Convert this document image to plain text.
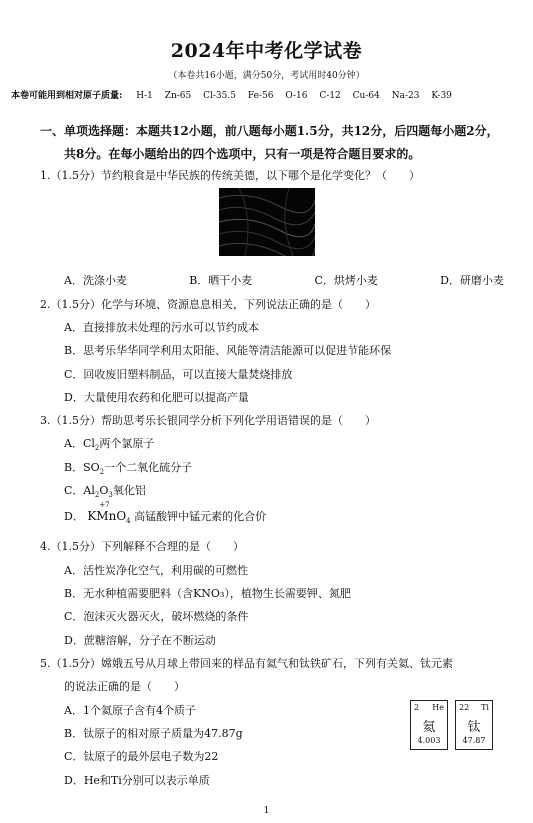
2024年中考化学试卷
（本卷共16小题，满分50分，考试用时40分钟）
本卷可能用到相对原子质量: H-1 Zn-65 Cl-35.5 Fe-56 O-16 C-12 Cu-64 Na-23 K-39
一、单项选择题：本题共12小题，前八题每小题1.5分，共12分，后四题每小题2分，
共8分。在每小题给出的四个选项中，只有一项是符合题目要求的。
1.（1.5分）节约粮食是中华民族的传统美德，以下哪个是化学变化？（　　）
A．洗涤小麦	B．晒干小麦	C．烘烤小麦	D．研磨小麦
2.（1.5分）化学与环境、资源息息相关，下列说法正确的是（　　）
A．直接排放未处理的污水可以节约成本
B．思考乐华华同学利用太阳能、风能等清洁能源可以促进节能环保
C．回收废旧塑料制品，可以直接大量焚烧排放
D．大量使用农药和化肥可以提高产量
3.（1.5分）帮助思考乐长银同学分析下列化学用语错误的是（　　）
A．$Cl_2$两个氯原子
B．$SO_2$一个二氧化硫分子
C．$Al_2O_3$氧化铝
D． K
+7
MnO$_4$ 高锰酸钾中锰元素的化合价
4.（1.5分）下列解释不合理的是（　　）
A．活性炭净化空气，利用碳的可燃性
B．无水种植需要肥料（含KNO₃），植物生长需要钾、氮肥
C．泡沫灭火器灭火，破坏燃烧的条件
D．蔗糖溶解，分子在不断运动
5.（1.5分）嫦娥五号从月球上带回来的样品有氦气和钛铁矿石，下列有关氦、钛元素
的说法正确的是（　　）
A．1个氦原子含有4个质子
B．钛原子的相对原子质量为47.87g
C．钛原子的最外层电子数为22
D．He和Ti分别可以表示单质
2 He
氦
4.003
22 Ti
钛
47.87
1
